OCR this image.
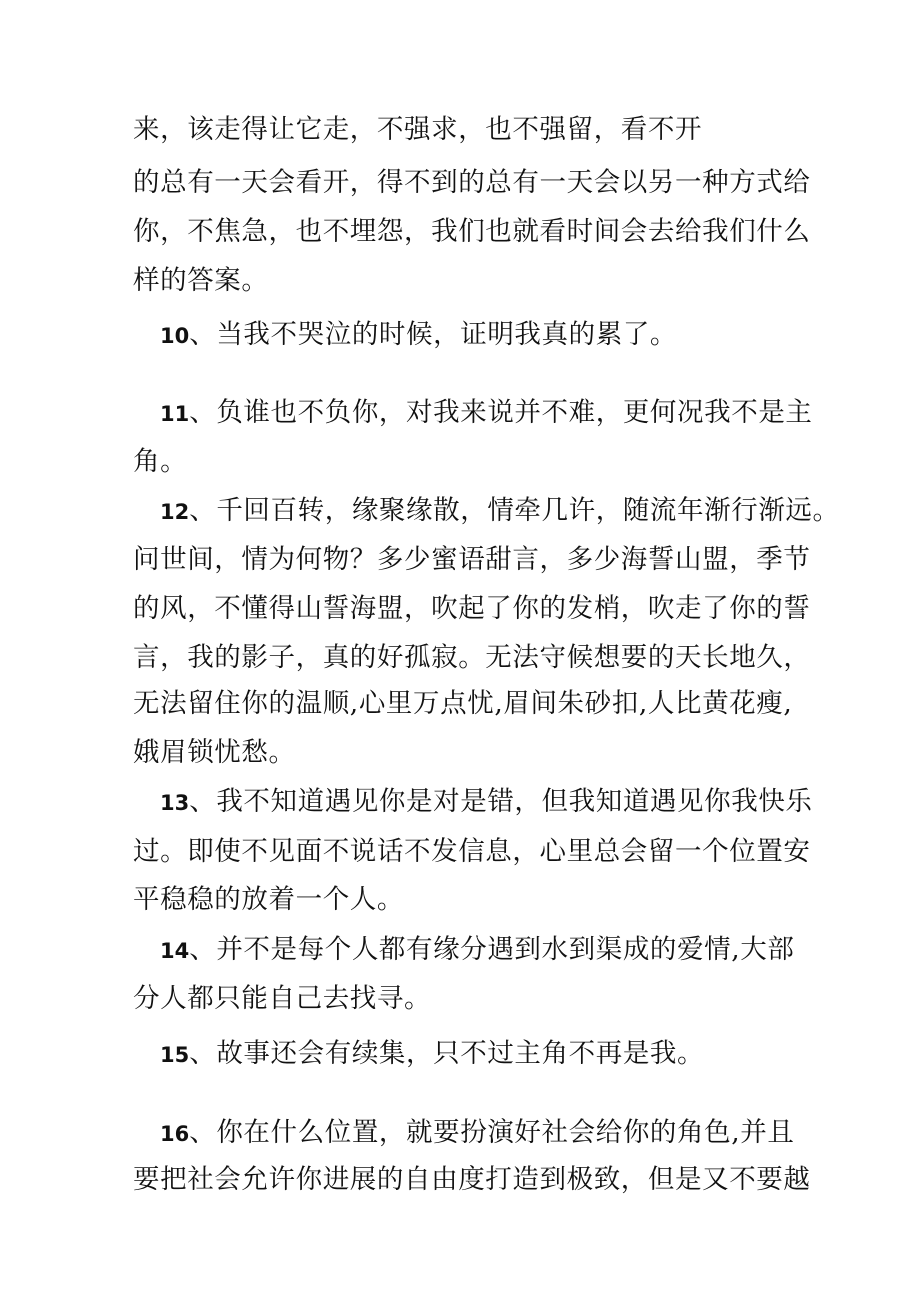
来，该走得让它走，不强求，也不强留，看不开
的总有一天会看开，得不到的总有一天会以另一种方式给
你，不焦急，也不埋怨，我们也就看时间会去给我们什么
样的答案。
10、当我不哭泣的时候，证明我真的累了。
11、负谁也不负你，对我来说并不难，更何况我不是主
角。
12、千回百转，缘聚缘散，情牵几许，随流年渐行渐远。
问世间，情为何物？多少蜜语甜言，多少海誓山盟，季节
的风，不懂得山誓海盟，吹起了你的发梢，吹走了你的誓
言，我的影子，真的好孤寂。无法守候想要的天长地久，
无法留住你的温顺,心里万点忧,眉间朱砂扣,人比黄花瘦,
娥眉锁忧愁。
13、我不知道遇见你是对是错，但我知道遇见你我快乐
过。即使不见面不说话不发信息，心里总会留一个位置安
平稳稳的放着一个人。
14、并不是每个人都有缘分遇到水到渠成的爱情,大部
分人都只能自己去找寻。
15、故事还会有续集，只不过主角不再是我。
16、你在什么位置，就要扮演好社会给你的角色,并且
要把社会允许你进展的自由度打造到极致，但是又不要越
